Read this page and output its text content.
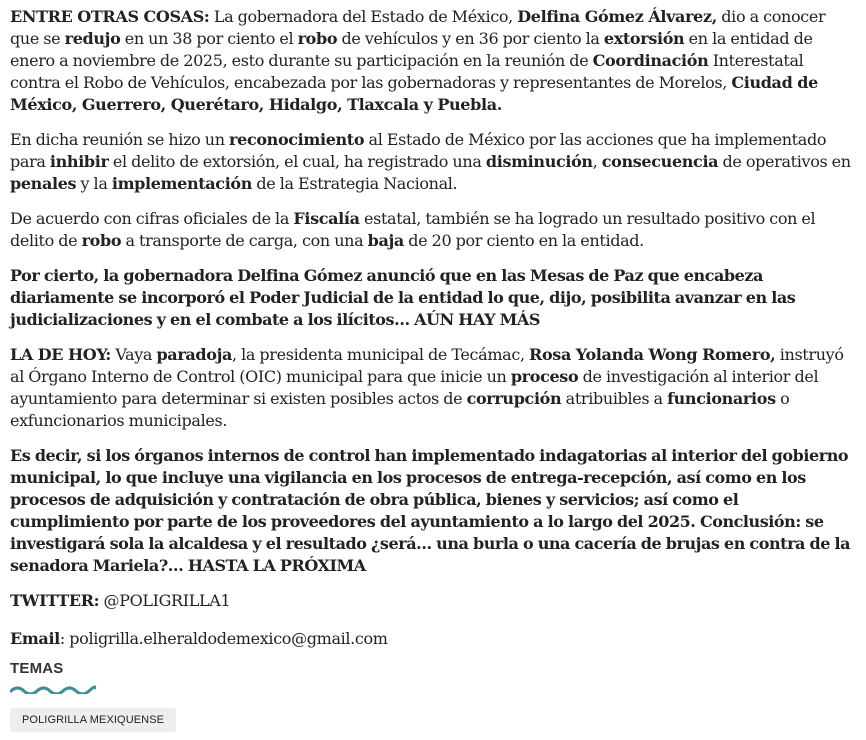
ENTRE OTRAS COSAS: La gobernadora del Estado de México, Delfina Gómez Álvarez, dio a conocer que se redujo en un 38 por ciento el robo de vehículos y en 36 por ciento la extorsión en la entidad de enero a noviembre de 2025, esto durante su participación en la reunión de Coordinación Interestatal contra el Robo de Vehículos, encabezada por las gobernadoras y representantes de Morelos, Ciudad de México, Guerrero, Querétaro, Hidalgo, Tlaxcala y Puebla.

En dicha reunión se hizo un reconocimiento al Estado de México por las acciones que ha implementado para inhibir el delito de extorsión, el cual, ha registrado una disminución, consecuencia de operativos en penales y la implementación de la Estrategia Nacional.

De acuerdo con cifras oficiales de la Fiscalía estatal, también se ha logrado un resultado positivo con el delito de robo a transporte de carga, con una baja de 20 por ciento en la entidad.

Por cierto, la gobernadora Delfina Gómez anunció que en las Mesas de Paz que encabeza diariamente se incorporó el Poder Judicial de la entidad lo que, dijo, posibilita avanzar en las judicializaciones y en el combate a los ilícitos… AÚN HAY MÁS

LA DE HOY: Vaya paradoja, la presidenta municipal de Tecámac, Rosa Yolanda Wong Romero, instruyó al Órgano Interno de Control (OIC) municipal para que inicie un proceso de investigación al interior del ayuntamiento para determinar si existen posibles actos de corrupción atribuibles a funcionarios o exfuncionarios municipales.

Es decir, si los órganos internos de control han implementado indagatorias al interior del gobierno municipal, lo que incluye una vigilancia en los procesos de entrega-recepción, así como en los procesos de adquisición y contratación de obra pública, bienes y servicios; así como el cumplimiento por parte de los proveedores del ayuntamiento a lo largo del 2025. Conclusión: se investigará sola la alcaldesa y el resultado ¿será… una burla o una cacería de brujas en contra de la senadora Mariela?… HASTA LA PRÓXIMA

TWITTER: @POLIGRILLA1

Email: poligrilla.elheraldodemexico@gmail.com

TEMAS
POLIGRILLA MEXIQUENSE
